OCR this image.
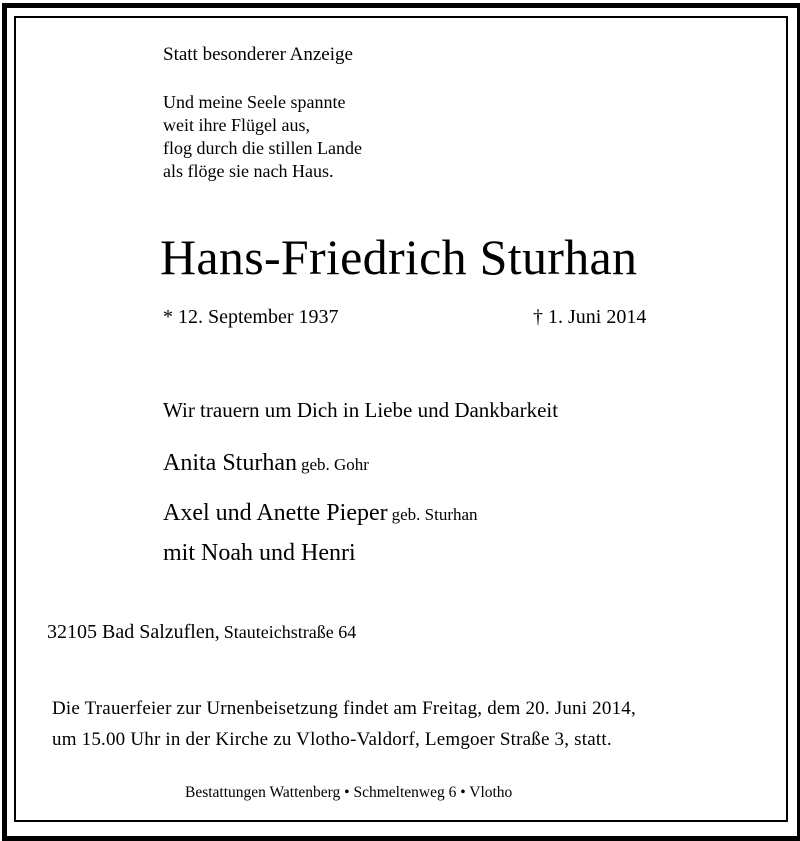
Statt besonderer Anzeige
Und meine Seele spannte
weit ihre Flügel aus,
flog durch die stillen Lande
als flöge sie nach Haus.
Hans-Friedrich Sturhan
* 12. September 1937	† 1. Juni 2014
Wir trauern um Dich in Liebe und Dankbarkeit
Anita Sturhan geb. Gohr
Axel und Anette Pieper geb. Sturhan
mit Noah und Henri
32105 Bad Salzuflen, Stauteichstraße 64
Die Trauerfeier zur Urnenbeisetzung findet am Freitag, dem 20. Juni 2014,
um 15.00 Uhr in der Kirche zu Vlotho-Valdorf, Lemgoer Straße 3, statt.
Bestattungen Wattenberg • Schmeltenweg 6 • Vlotho
